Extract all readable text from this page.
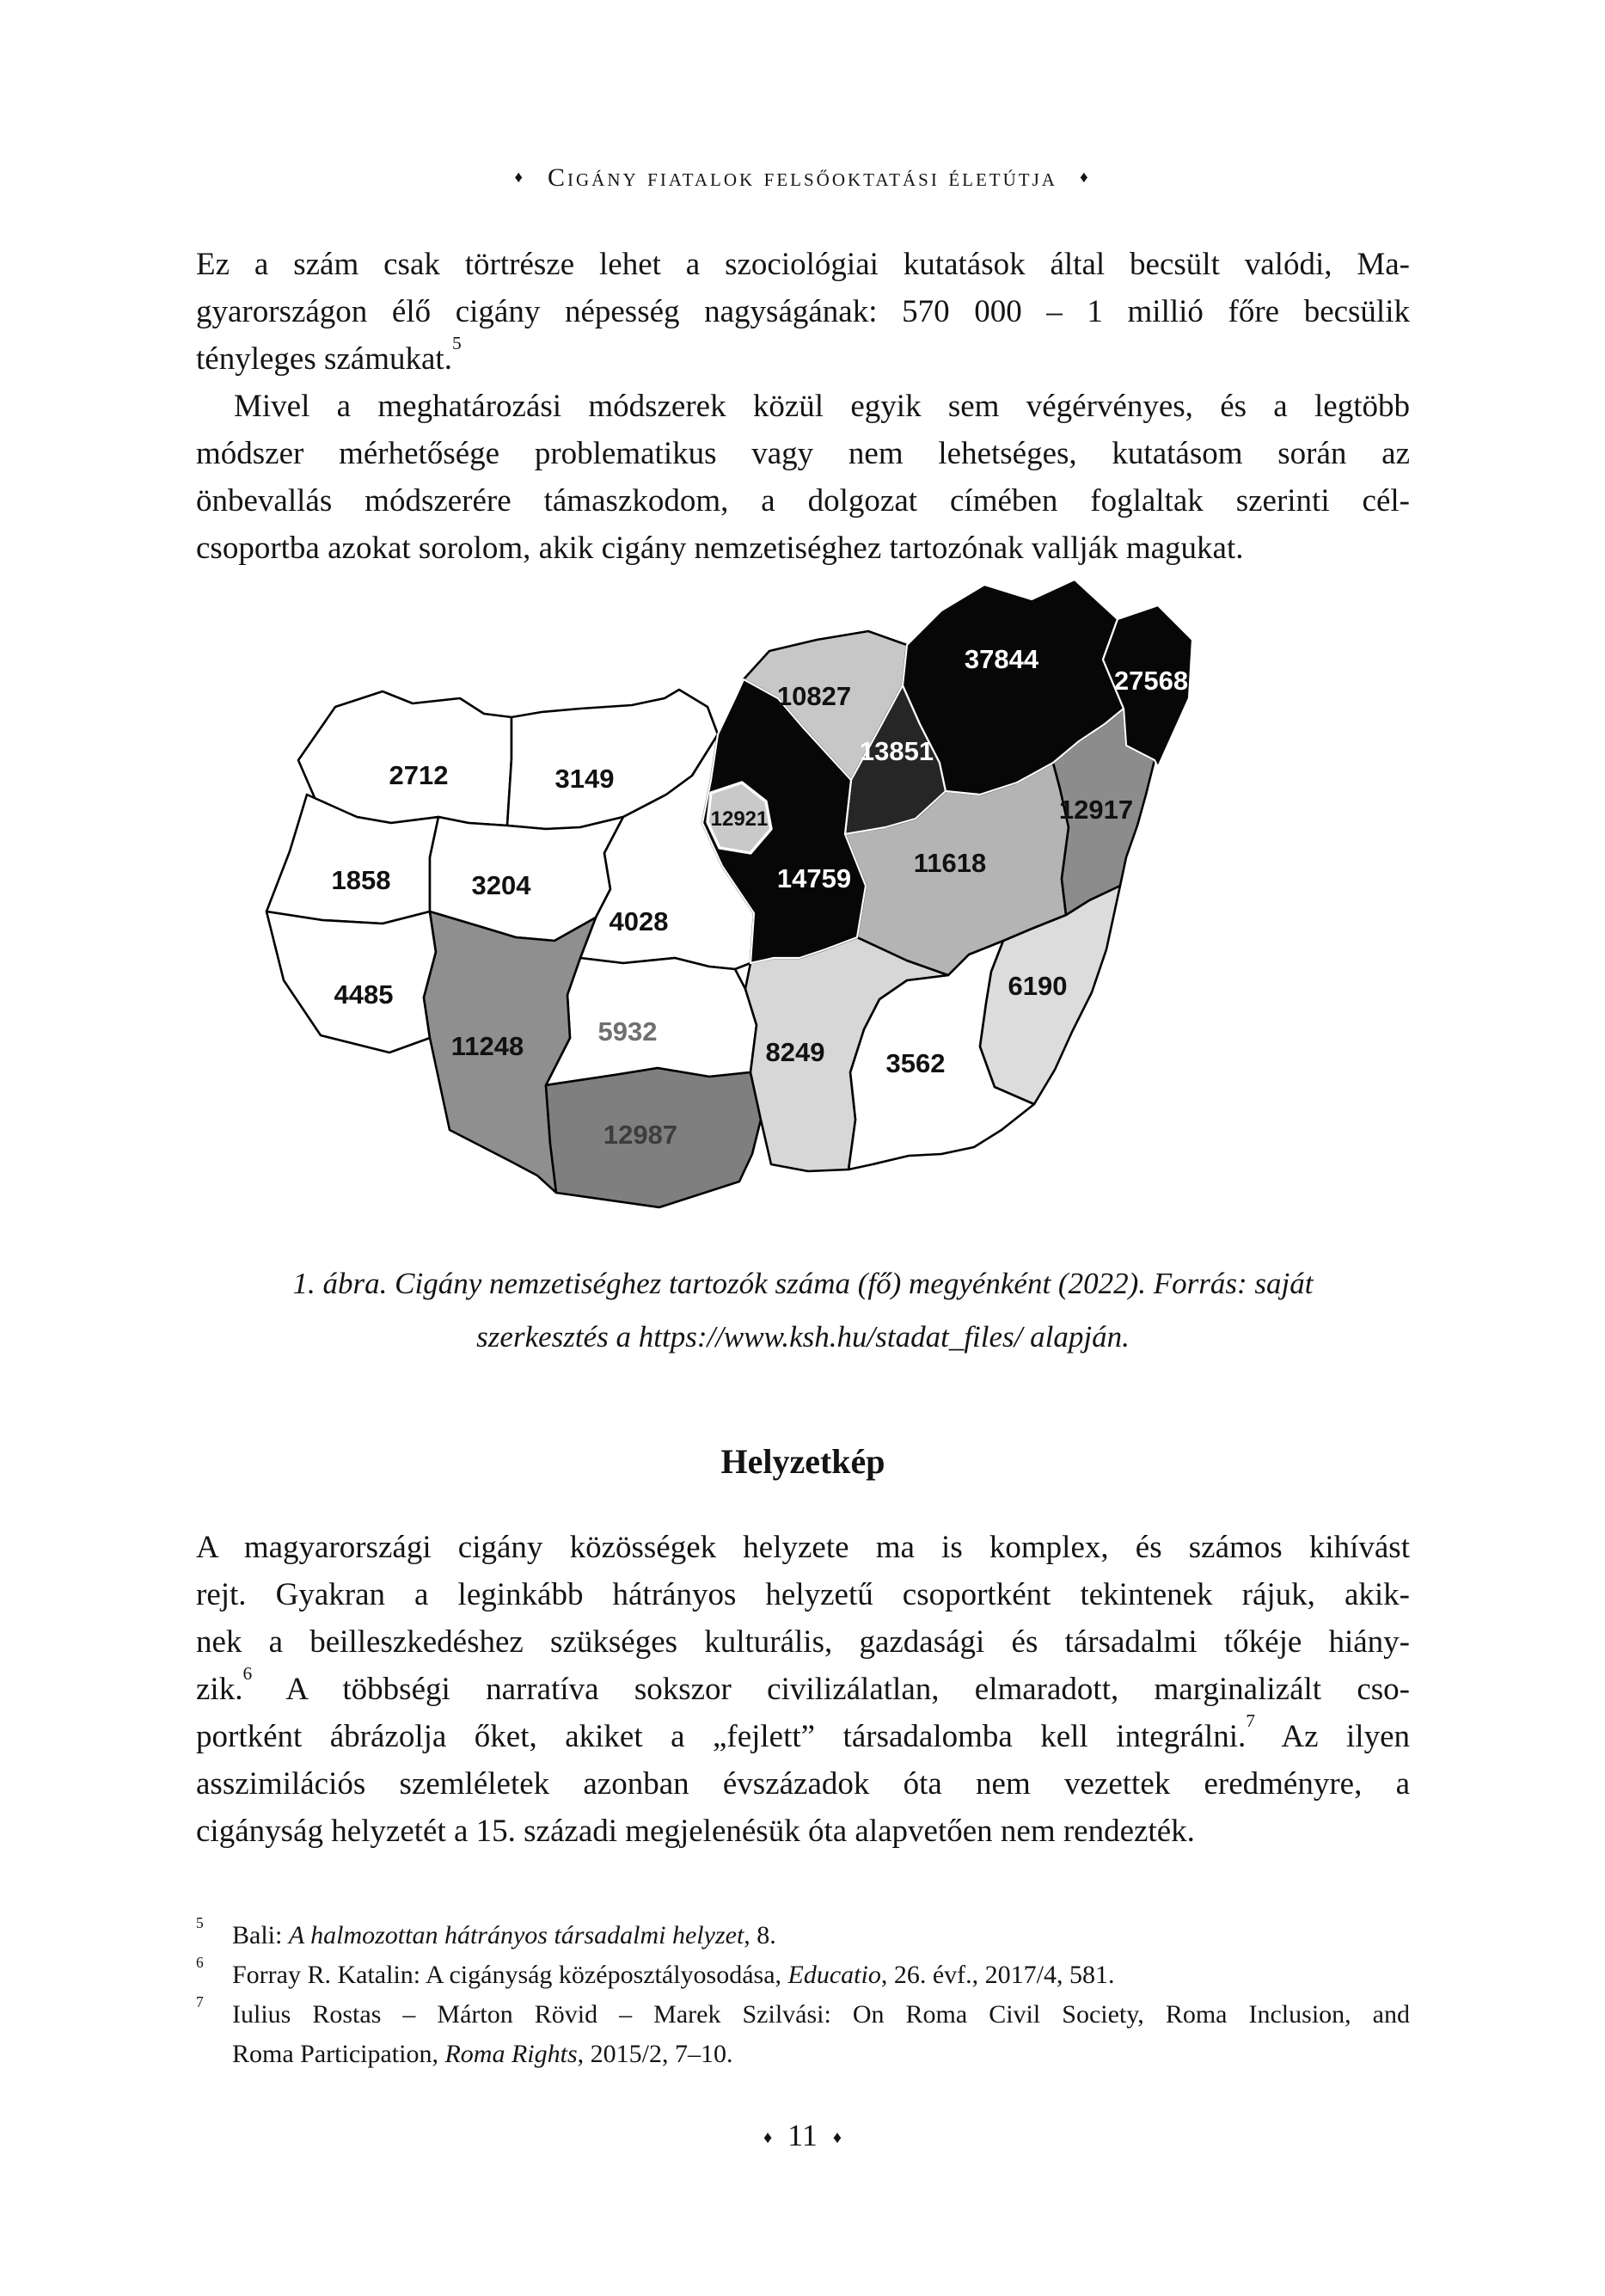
♦ Cigány fiatalok felsőoktatási életútja ♦
Ez a szám csak törtrésze lehet a szociológiai kutatások által becsült valódi, Ma-
gyarországon élő cigány népesség nagyságának: 570 000 – 1 millió főre becsülik
tényleges számukat.$^5$
Mivel a meghatározási módszerek közül egyik sem végérvényes, és a legtöbb
módszer mérhetősége problematikus vagy nem lehetséges, kutatásom során az
önbevallás módszerére támaszkodom, a dolgozat címében foglaltak szerinti cél-
csoportba azokat sorolom, akik cigány nemzetiséghez tartozónak vallják magukat.
2712	3149
1858	3204
4485
4028
5932
3562
11248
12987
8249
6190
11618
12917
10827
13851
37844
27568
14759
12921
1. ábra. Cigány nemzetiséghez tartozók száma (fő) megyénként (2022). Forrás: saját
szerkesztés a https://www.ksh.hu/stadat_files/ alapján.
Helyzetkép
A magyarországi cigány közösségek helyzete ma is komplex, és számos kihívást
rejt. Gyakran a leginkább hátrányos helyzetű csoportként tekintenek rájuk, akik-
nek a beilleszkedéshez szükséges kulturális, gazdasági és társadalmi tőkéje hiány-
zik.$^6$ A többségi narratíva sokszor civilizálatlan, elmaradott, marginalizált cso-
portként ábrázolja őket, akiket a „fejlett” társadalomba kell integrálni.$^7$ Az ilyen
asszimilációs szemléletek azonban évszázadok óta nem vezettek eredményre, a
cigányság helyzetét a 15. századi megjelenésük óta alapvetően nem rendezték.
$^5$ Bali: A halmozottan hátrányos társadalmi helyzet, 8.
$^6$ Forray R. Katalin: A cigányság középosztályosodása, Educatio, 26. évf., 2017/4, 581.
$^7$ Iulius Rostas – Márton Rövid – Marek Szilvási: On Roma Civil Society, Roma Inclusion, and
Roma Participation, Roma Rights, 2015/2, 7–10.
♦ 11 ♦
